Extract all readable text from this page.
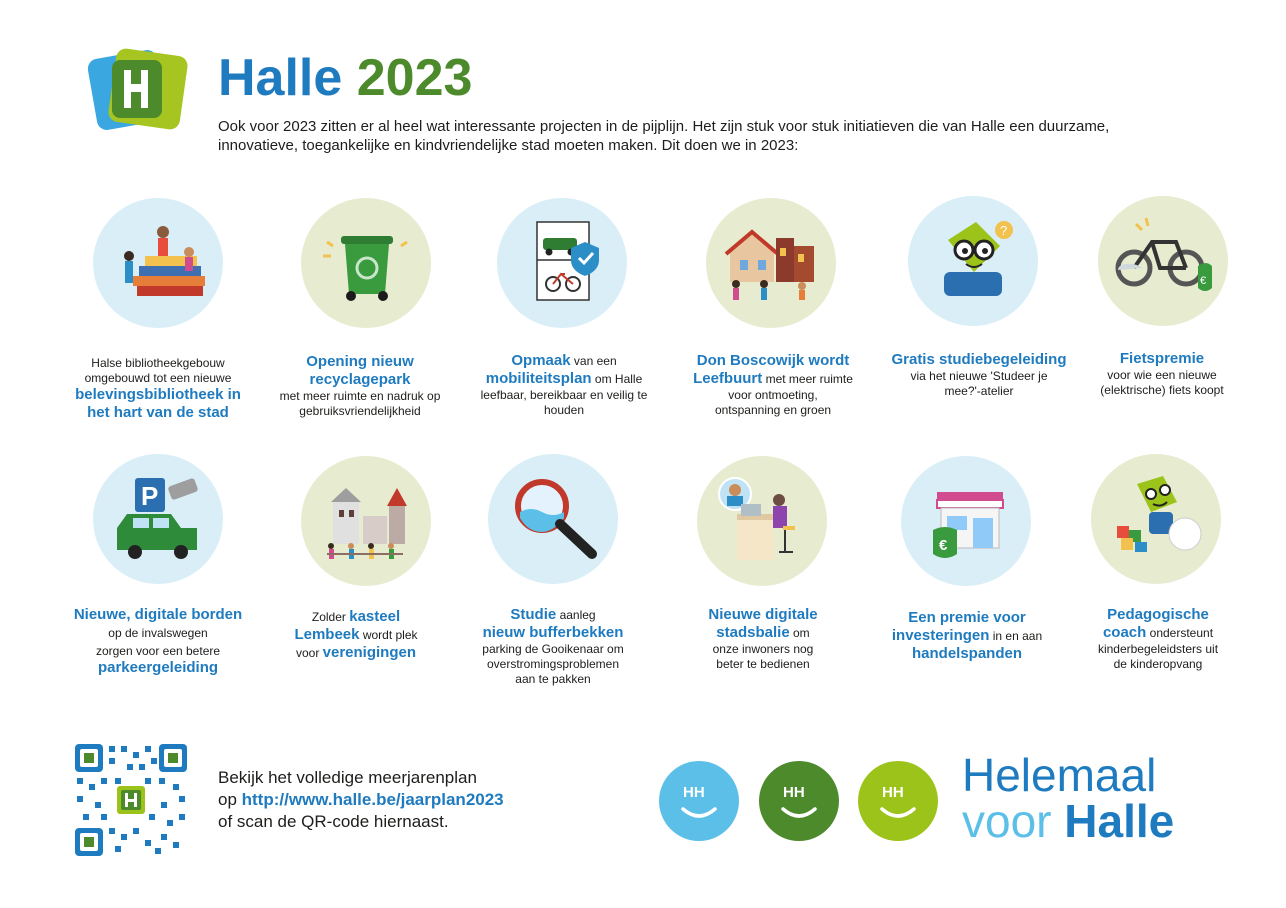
Halle 2023
Ook voor 2023 zitten er al heel wat interessante projecten in de pijplijn. Het zijn stuk voor stuk initiatieven die van Halle een duurzame,
innovatieve, toegankelijke en kindvriendelijke stad moeten maken. Dit doen we in 2023:
?
€
Halse bibliotheekgebouw
omgebouwd tot een nieuwe
belevingsbibliotheek in
het hart van de stad
Opening nieuw
recyclagepark
met meer ruimte en nadruk op
gebruiksvriendelijkheid
Opmaak van een
mobiliteitsplan om Halle
leefbaar, bereikbaar en veilig te
houden
Don Boscowijk wordt
Leefbuurt met meer ruimte
voor ontmoeting,
ontspanning en groen
Gratis studiebegeleiding
via het nieuwe 'Studeer je
mee?'-atelier
Fietspremie
voor wie een nieuwe
(elektrische) fiets koopt
P
€
Nieuwe, digitale borden
op de invalswegen
zorgen voor een betere
parkeergeleiding
Zolder kasteel
Lembeek wordt plek
voor verenigingen
Studie aanleg
nieuw bufferbekken
parking de Gooikenaar om
overstromingsproblemen
aan te pakken
Nieuwe digitale
stadsbalie om
onze inwoners nog
beter te bedienen
Een premie voor
investeringen in en aan
handelspanden
Pedagogische
coach ondersteunt
kinderbegeleidsters uit
de kinderopvang
Bekijk het volledige meerjarenplan
op http://www.halle.be/jaarplan2023
of scan de QR-code hiernaast.
HH	HH	HH Helemaal
voor Halle
